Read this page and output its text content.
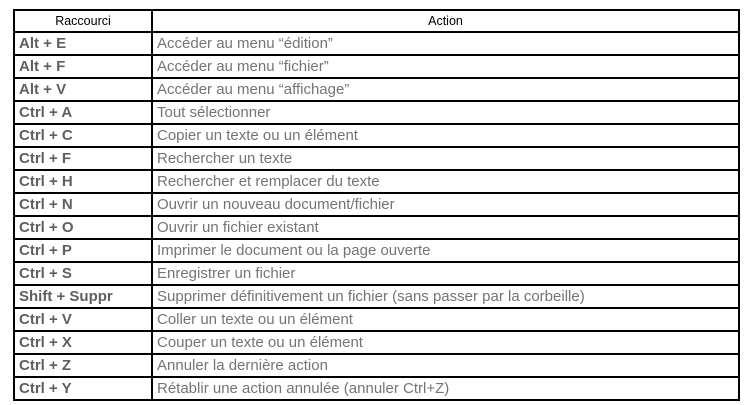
Raccourci	Action
Alt + E	Accéder au menu “édition”
Alt + F	Accéder au menu “fichier”
Alt + V	Accéder au menu “affichage”
Ctrl + A	Tout sélectionner
Ctrl + C	Copier un texte ou un élément
Ctrl + F	Rechercher un texte
Ctrl + H	Rechercher et remplacer du texte
Ctrl + N	Ouvrir un nouveau document/fichier
Ctrl + O	Ouvrir un fichier existant
Ctrl + P	Imprimer le document ou la page ouverte
Ctrl + S	Enregistrer un fichier
Shift + Suppr	Supprimer définitivement un fichier (sans passer par la corbeille)
Ctrl + V	Coller un texte ou un élément
Ctrl + X	Couper un texte ou un élément
Ctrl + Z	Annuler la dernière action
Ctrl + Y	Rétablir une action annulée (annuler Ctrl+Z)
